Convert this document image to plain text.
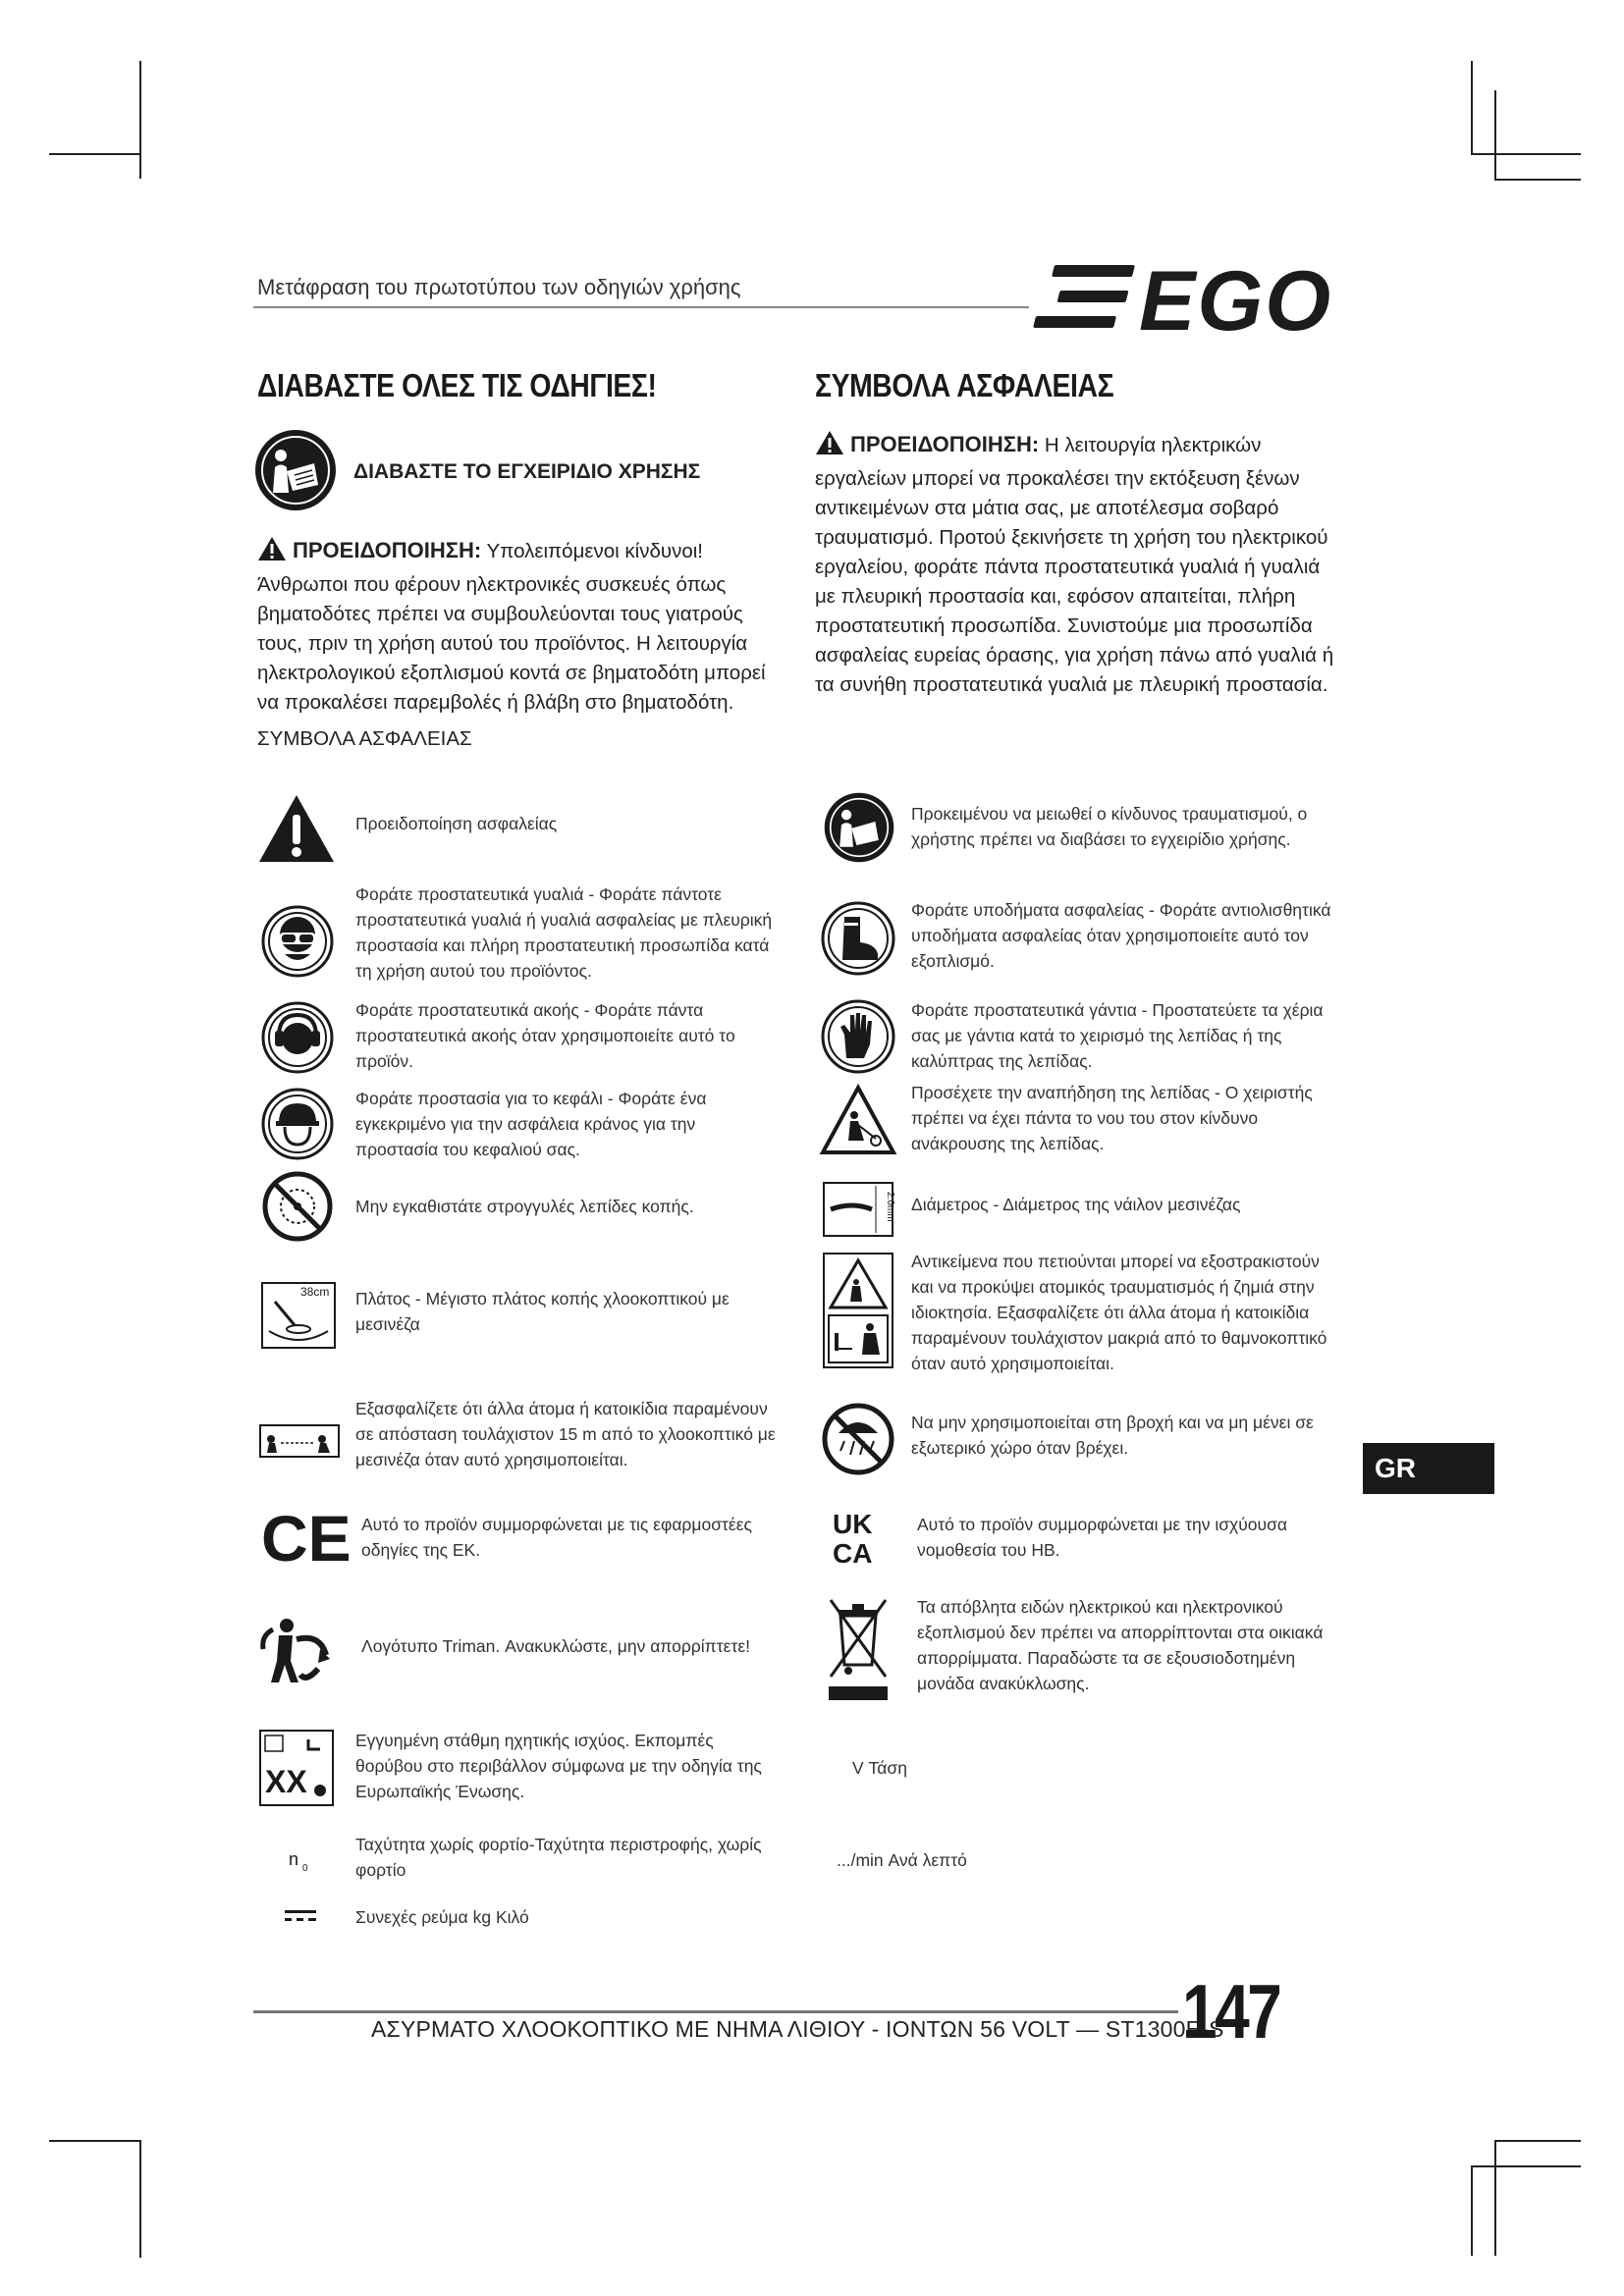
Μετάφραση του πρωτοτύπου των οδηγιών χρήσης	EGO
ΔΙΑΒΑΣΤΕ ΟΛΕΣ ΤΙΣ ΟΔΗΓΙΕΣ!
ΔΙΑΒΑΣΤΕ ΤΟ ΕΓΧΕΙΡΙΔΙΟ ΧΡΗΣΗΣ
ΠΡΟΕΙΔΟΠΟΙΗΣΗ: Υπολειπόμενοι κίνδυνοι! Άνθρωποι που φέρουν ηλεκτρονικές συσκευές όπως βηματοδότες πρέπει να συμβουλεύονται τους γιατρούς τους, πριν τη χρήση αυτού του προϊόντος. Η λειτουργία ηλεκτρολογικού εξοπλισμού κοντά σε βηματοδότη μπορεί να προκαλέσει παρεμβολές ή βλάβη στο βηματοδότη.
ΣΥΜΒΟΛΑ ΑΣΦΑΛΕΙΑΣ
ΣΥΜΒΟΛΑ ΑΣΦΑΛΕΙΑΣ
ΠΡΟΕΙΔΟΠΟΙΗΣΗ: Η λειτουργία ηλεκτρικών εργαλείων μπορεί να προκαλέσει την εκτόξευση ξένων αντικειμένων στα μάτια σας, με αποτέλεσμα σοβαρό τραυματισμό. Προτού ξεκινήσετε τη χρήση του ηλεκτρικού εργαλείου, φοράτε πάντα προστατευτικά γυαλιά ή γυαλιά με πλευρική προστασία και, εφόσον απαιτείται, πλήρη προστατευτική προσωπίδα. Συνιστούμε μια προσωπίδα ασφαλείας ευρείας όρασης, για χρήση πάνω από γυαλιά ή τα συνήθη προστατευτικά γυαλιά με πλευρική προστασία.
Προειδοποίηση ασφαλείας
Φοράτε προστατευτικά γυαλιά - Φοράτε πάντοτε προστατευτικά γυαλιά ή γυαλιά ασφαλείας με πλευρική προστασία και πλήρη προστατευτική προσωπίδα κατά τη χρήση αυτού του προϊόντος.
Φοράτε προστατευτικά ακοής - Φοράτε πάντα προστατευτικά ακοής όταν χρησιμοποιείτε αυτό το προϊόν.
Φοράτε προστασία για το κεφάλι - Φοράτε ένα εγκεκριμένο για την ασφάλεια κράνος για την προστασία του κεφαλιού σας.
Μην εγκαθιστάτε στρογγυλές λεπίδες κοπής.
38cm Πλάτος - Μέγιστο πλάτος κοπής χλοοκοπτικού με μεσινέζα
Εξασφαλίζετε ότι άλλα άτομα ή κατοικίδια παραμένουν σε απόσταση τουλάχιστον 15 m από το χλοοκοπτικό με μεσινέζα όταν αυτό χρησιμοποιείται.
CE Αυτό το προϊόν συμμορφώνεται με τις εφαρμοστέες οδηγίες της ΕΚ.
Λογότυπο Triman. Ανακυκλώστε, μην απορρίπτετε!
XX
Εγγυημένη στάθμη ηχητικής ισχύος. Εκπομπές θορύβου στο περιβάλλον σύμφωνα με την οδηγία της Ευρωπαϊκής Ένωσης.
n 0
Ταχύτητα χωρίς φορτίο-Ταχύτητα περιστροφής, χωρίς φορτίο
Συνεχές ρεύμα kg Κιλό
Προκειμένου να μειωθεί ο κίνδυνος τραυματισμού, ο χρήστης πρέπει να διαβάσει το εγχειρίδιο χρήσης.
Φοράτε υποδήματα ασφαλείας - Φοράτε αντιολισθητικά υποδήματα ασφαλείας όταν χρησιμοποιείτε αυτό τον εξοπλισμό.
Φοράτε προστατευτικά γάντια - Προστατεύετε τα χέρια σας με γάντια κατά το χειρισμό της λεπίδας ή της καλύπτρας της λεπίδας.
Προσέχετε την αναπήδηση της λεπίδας - Ο χειριστής πρέπει να έχει πάντα το νου του στον κίνδυνο ανάκρουσης της λεπίδας.
2.0mm Διάμετρος - Διάμετρος της νάιλον μεσινέζας
Αντικείμενα που πετιούνται μπορεί να εξοστρακιστούν και να προκύψει ατομικός τραυματισμός ή ζημιά στην ιδιοκτησία. Εξασφαλίζετε ότι άλλα άτομα ή κατοικίδια παραμένουν τουλάχιστον μακριά από το θαμνοκοπτικό όταν αυτό χρησιμοποιείται.
Να μην χρησιμοποιείται στη βροχή και να μη μένει σε εξωτερικό χώρο όταν βρέχει.
UK
CA
Αυτό το προϊόν συμμορφώνεται με την ισχύουσα νομοθεσία του ΗΒ.
Τα απόβλητα ειδών ηλεκτρικού και ηλεκτρονικού εξοπλισμού δεν πρέπει να απορρίπτονται στα οικιακά απορρίμματα. Παραδώστε τα σε εξουσιοδοτημένη μονάδα ανακύκλωσης.
V Τάση
.../min Ανά λεπτό
GR
ΑΣΥΡΜΑΤΟ ΧΛΟΟΚΟΠΤΙΚΟ ΜΕ ΝΗΜΑ ΛΙΘΙΟΥ - ΙΟΝΤΩΝ 56 VOLT — ST1300E-S
147
